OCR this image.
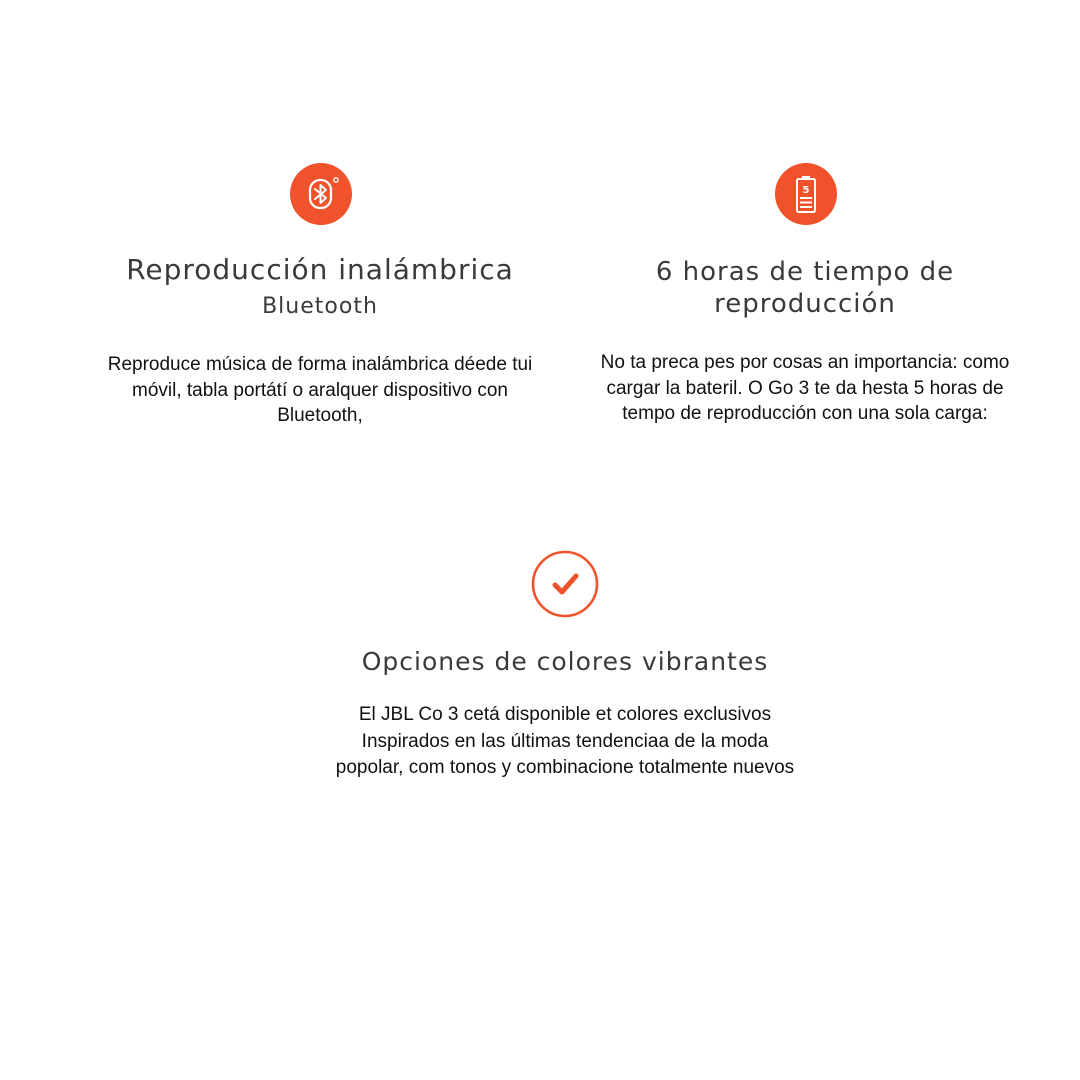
Reproducción inalámbrica
Bluetooth

Reproduce música de forma inalámbrica déede tui móvil, tabla portátí o aralquer dispositivo con Bluetooth,

5
6 horas de tiempo de reproducción

No ta preca pes por cosas an importancia: como cargar la bateril. O Go 3 te da hesta 5 horas de tempo de reproducción con una sola carga:

Opciones de colores vibrantes

El JBL Co 3 cetá disponible et colores exclusivos Inspirados en las últimas tendenciaa de la moda popolar, com tonos y combinacione totalmente nuevos
